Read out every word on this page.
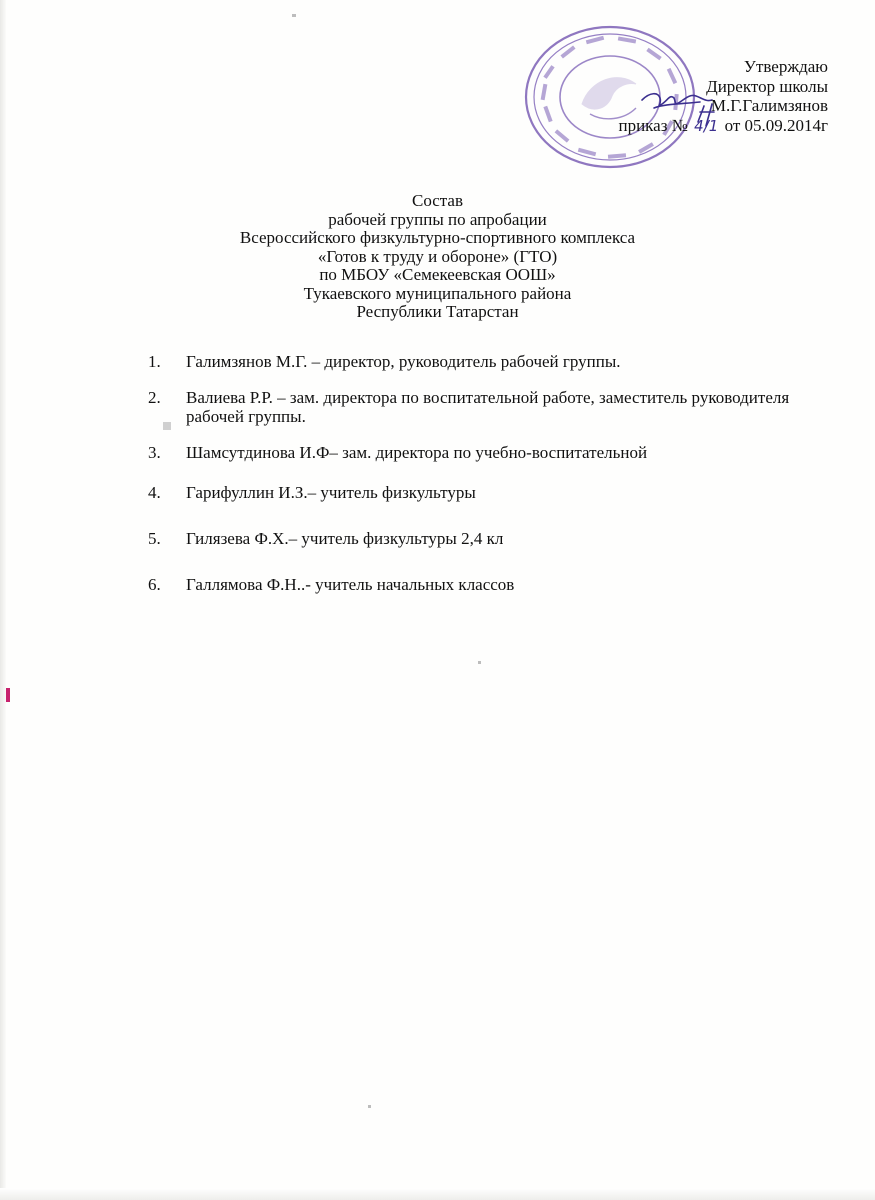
Утверждаю
Директор школы
М.Г.Галимзянов
приказ № 4/1 от 05.09.2014г
Состав
рабочей группы по апробации
Всероссийского физкультурно-спортивного комплекса
«Готов к труду и обороне» (ГТО)
по МБОУ «Семекеевская ООШ»
Тукаевского муниципального района
Республики Татарстан
1. Галимзянов М.Г. – директор, руководитель рабочей группы.
2. Валиева Р.Р. – зам. директора по воспитательной работе, заместитель руководителя рабочей группы.
3. Шамсутдинова И.Ф– зам. директора по учебно-воспитательной
4. Гарифуллин И.З.– учитель физкультуры
5. Гилязева Ф.Х.– учитель физкультуры 2,4 кл
6. Галлямова Ф.Н..- учитель начальных классов
